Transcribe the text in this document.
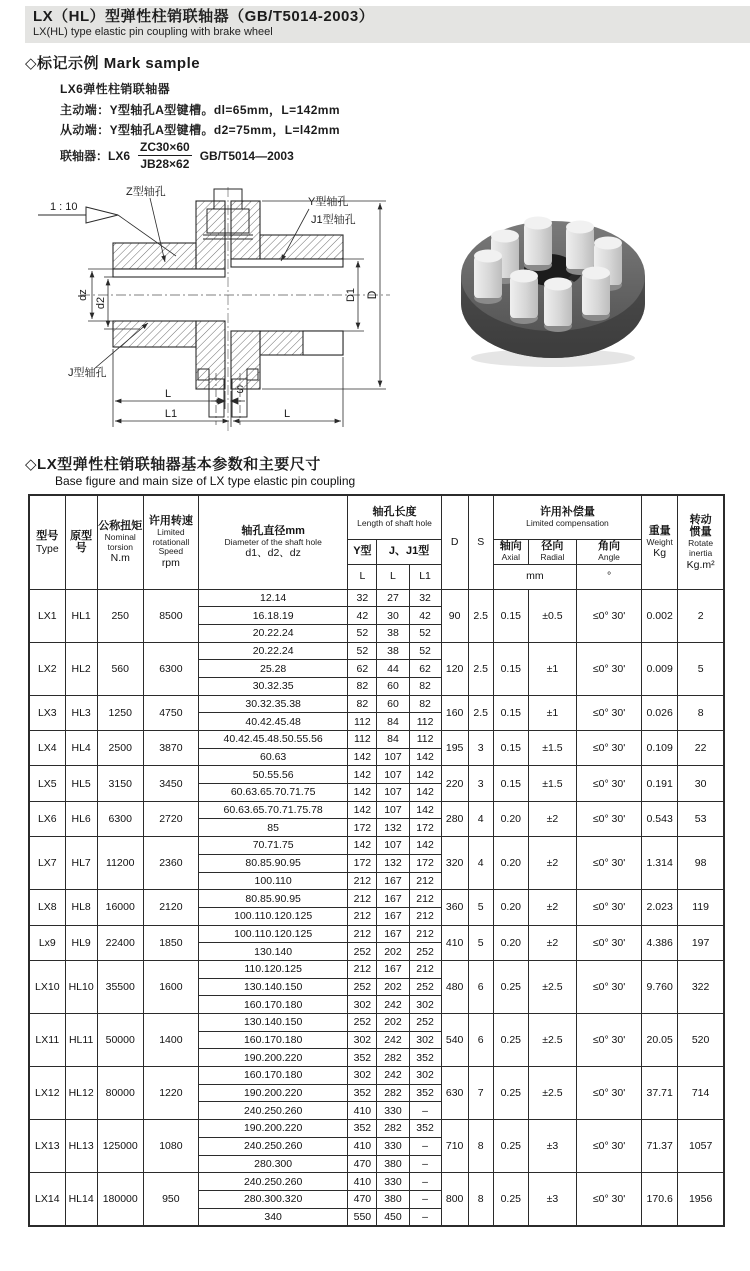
LX（HL）型弹性柱销联轴器（GB/T5014-2003）
LX(HL) type elastic pin coupling with brake wheel
◇标记示例 Mark sample
LX6弹性柱销联轴器
主动端：Y型轴孔A型键槽。dl=65mm，L=142mm
从动端：Y型轴孔A型键槽。d2=75mm，L=l42mm
联轴器：$LX6 \frac{ZC30\times 60}{JB28\times 62}$ GB/T5014—2003
1 : 10
Z型轴孔
Y型轴孔
J1型轴孔
J型轴孔
dz
d2
D1 D
L
L1
S
L
◇LX型弹性柱销联轴器基本参数和主要尺寸
Base figure and main size of LX type elastic pin coupling
型号
Type

原型
号

公称扭矩
Nominal
torsion
N.m

许用转速
Limited
rotationall
Speed
rpm

轴孔直径mm
Diameter of the shaft hole
d1、d2、dz

轴孔长度
Length of shaft hole

D	S

许用补偿量
Limited compensation

重量
Weight
Kg

转动
惯量
Rotate
inertia
Kg.m²

Y型	J、J1型	轴向
Axial

径向
Radial

角向
Angle

					L	L	L1			mm		°		

LX1	HL1	250	8500	12.14	32	27	32	90	2.5	0.15	±0.5	≤0° 30'	0.002	2
				16.18.19	42	30	42							
				20.22.24	52	38	52							
LX2	HL2	560	6300	20.22.24	52	38	52	120	2.5	0.15	±1	≤0° 30'	0.009	5
				25.28	62	44	62							
				30.32.35	82	60	82							
LX3	HL3	1250	4750	30.32.35.38	82	60	82	160	2.5	0.15	±1	≤0° 30'	0.026	8
				40.42.45.48	112	84	112							
LX4	HL4	2500	3870	40.42.45.48.50.55.56	112	84	112	195	3	0.15	±1.5	≤0° 30'	0.109	22
				60.63	142	107	142							
LX5	HL5	3150	3450	50.55.56	142	107	142	220	3	0.15	±1.5	≤0° 30'	0.191	30
				60.63.65.70.71.75	142	107	142							
LX6	HL6	6300	2720	60.63.65.70.71.75.78	142	107	142	280	4	0.20	±2	≤0° 30'	0.543	53
				85	172	132	172							
LX7	HL7	11200	2360	70.71.75	142	107	142	320	4	0.20	±2	≤0° 30'	1.314	98
				80.85.90.95	172	132	172							
				100.110	212	167	212							
LX8	HL8	16000	2120	80.85.90.95	212	167	212	360	5	0.20	±2	≤0° 30'	2.023	119
				100.110.120.125	212	167	212							
Lx9	HL9	22400	1850	100.110.120.125	212	167	212	410	5	0.20	±2	≤0° 30'	4.386	197
				130.140	252	202	252							
LX10	HL10	35500	1600	110.120.125	212	167	212	480	6	0.25	±2.5	≤0° 30'	9.760	322
				130.140.150	252	202	252							
				160.170.180	302	242	302							
LX11	HL11	50000	1400	130.140.150	252	202	252	540	6	0.25	±2.5	≤0° 30'	20.05	520
				160.170.180	302	242	302							
				190.200.220	352	282	352							
LX12	HL12	80000	1220	160.170.180	302	242	302	630	7	0.25	±2.5	≤0° 30'	37.71	714
				190.200.220	352	282	352							
				240.250.260	410	330	–							
LX13	HL13	125000	1080	190.200.220	352	282	352	710	8	0.25	±3	≤0° 30'	71.37	1057
				240.250.260	410	330	–							
				280.300	470	380	–							
LX14	HL14	180000	950	240.250.260	410	330	–	800	8	0.25	±3	≤0° 30'	170.6	1956
				280.300.320	470	380	–							
				340	550	450	–							
